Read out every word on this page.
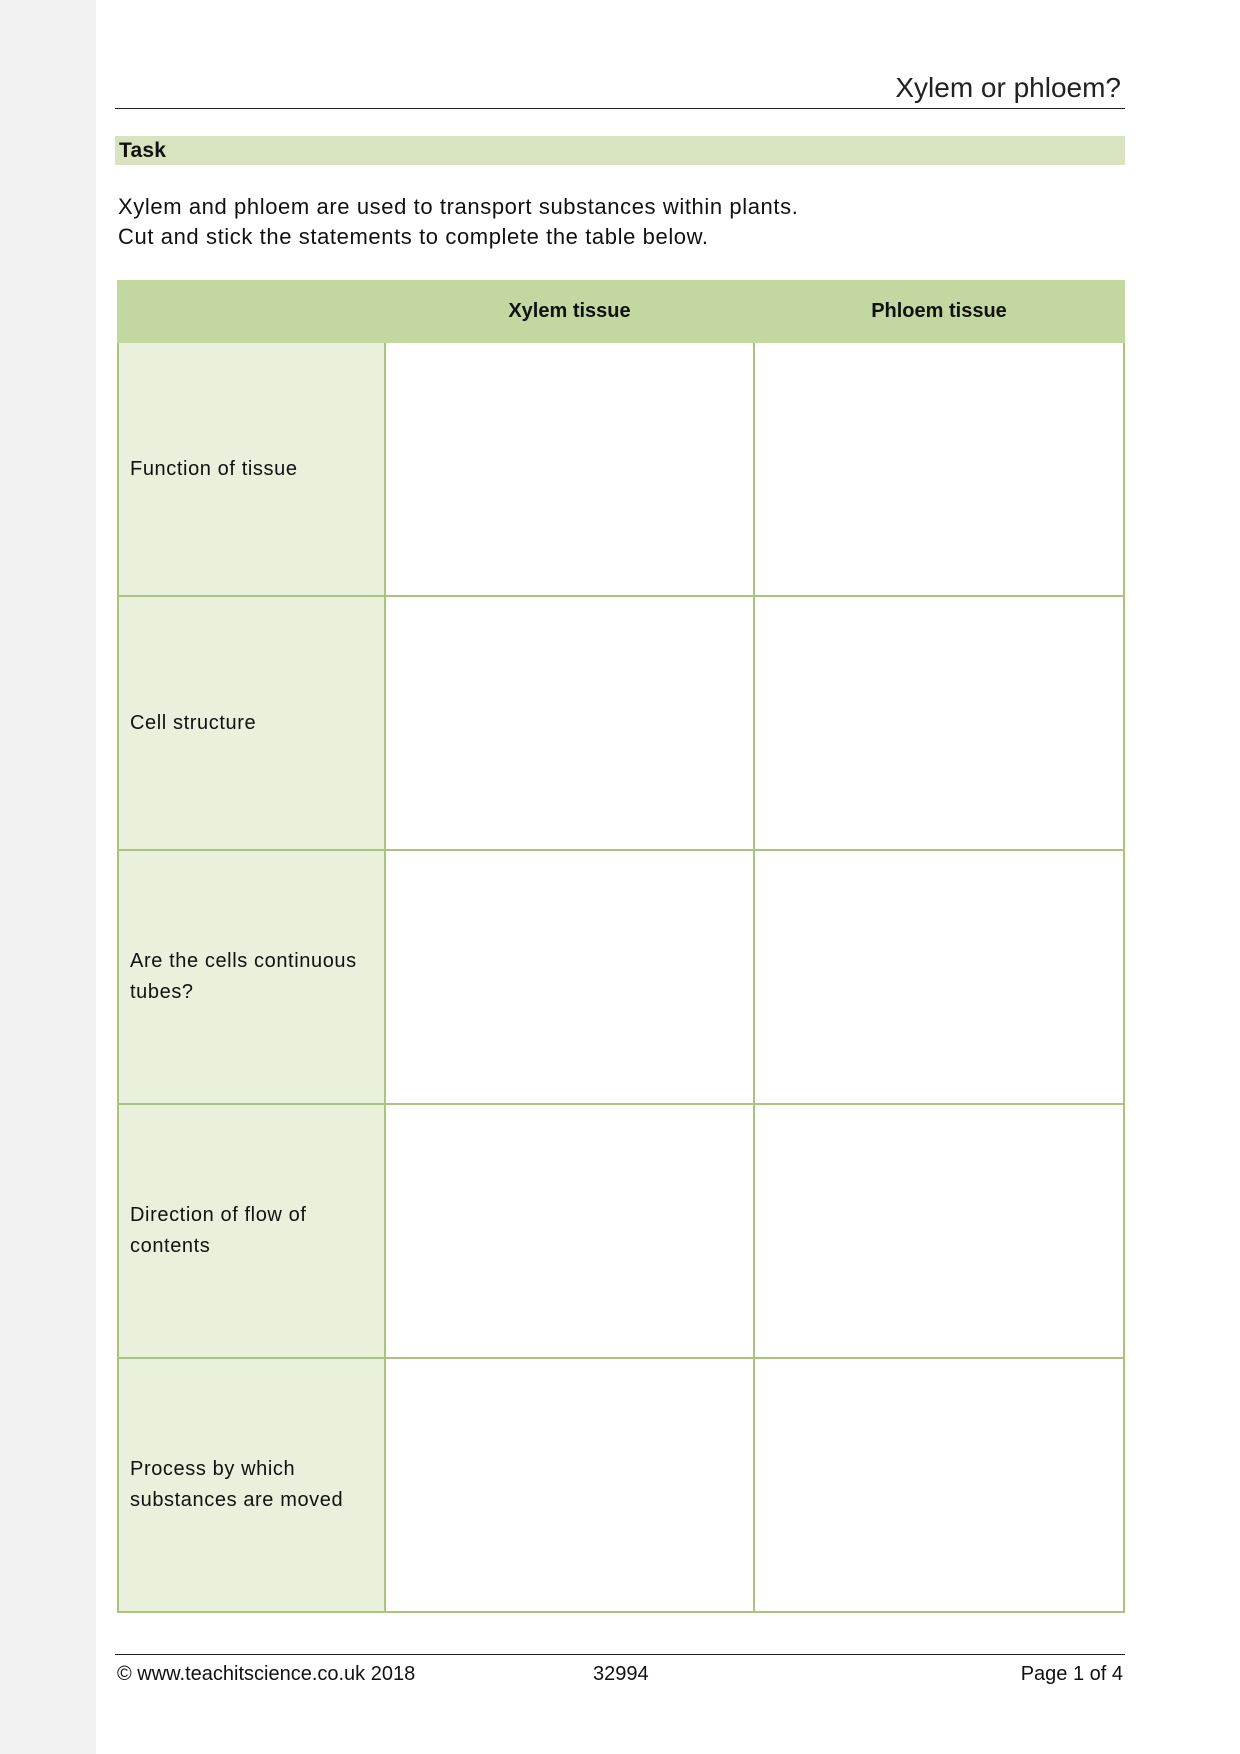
Xylem or phloem?
Task
Xylem and phloem are used to transport substances within plants.
Cut and stick the statements to complete the table below.
	Xylem tissue	Phloem tissue
Function of tissue		
Cell structure		
Are the cells continuous tubes?		
Direction of flow of contents		
Process by which substances are moved		
© www.teachitscience.co.uk 2018	32994	Page 1 of 4
